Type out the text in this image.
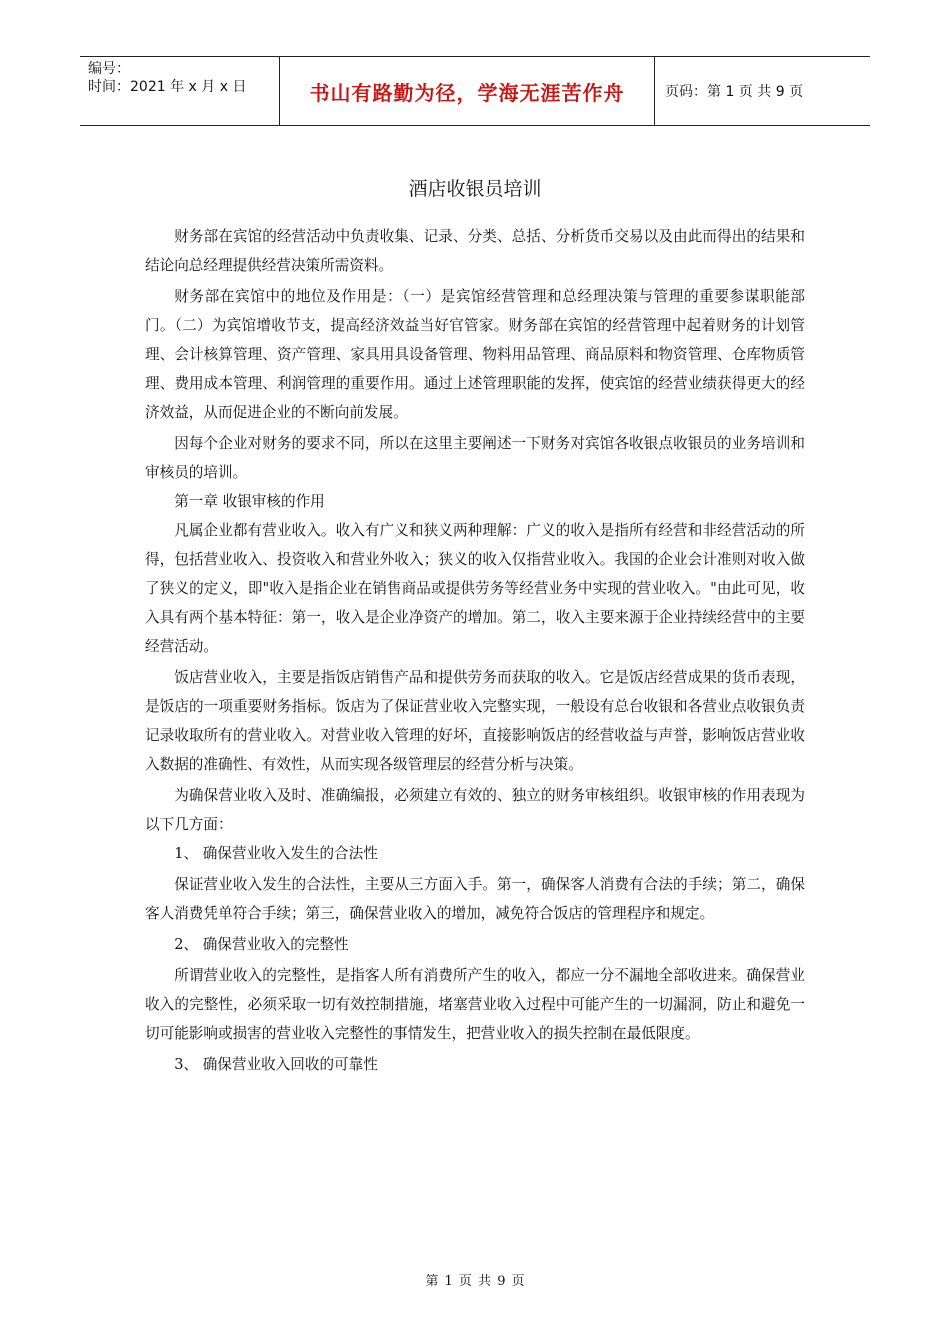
编号：
时间：2021 年 x 月 x 日	书山有路勤为径，学海无涯苦作舟	页码：第 1 页 共 9 页
酒店收银员培训

财务部在宾馆的经营活动中负责收集、记录、分类、总括、分析货币交易以及由此而得出的结果和结论向总经理提供经营决策所需资料。

财务部在宾馆中的地位及作用是：（一）是宾馆经营管理和总经理决策与管理的重要参谋职能部门。（二）为宾馆增收节支，提高经济效益当好官管家。财务部在宾馆的经营管理中起着财务的计划管理、会计核算管理、资产管理、家具用具设备管理、物料用品管理、商品原料和物资管理、仓库物质管理、费用成本管理、利润管理的重要作用。通过上述管理职能的发挥，使宾馆的经营业绩获得更大的经济效益，从而促进企业的不断向前发展。

因每个企业对财务的要求不同，所以在这里主要阐述一下财务对宾馆各收银点收银员的业务培训和审核员的培训。

第一章 收银审核的作用

凡属企业都有营业收入。收入有广义和狭义两种理解：广义的收入是指所有经营和非经营活动的所得，包括营业收入、投资收入和营业外收入；狭义的收入仅指营业收入。我国的企业会计准则对收入做了狭义的定义，即"收入是指企业在销售商品或提供劳务等经营业务中实现的营业收入。"由此可见，收入具有两个基本特征：第一，收入是企业净资产的增加。第二，收入主要来源于企业持续经营中的主要经营活动。

饭店营业收入，主要是指饭店销售产品和提供劳务而获取的收入。它是饭店经营成果的货币表现，是饭店的一项重要财务指标。饭店为了保证营业收入完整实现，一般设有总台收银和各营业点收银负责记录收取所有的营业收入。对营业收入管理的好坏，直接影响饭店的经营收益与声誉，影响饭店营业收入数据的准确性、有效性，从而实现各级管理层的经营分析与决策。

为确保营业收入及时、准确编报，必须建立有效的、独立的财务审核组织。收银审核的作用表现为以下几方面：

1、 确保营业收入发生的合法性

保证营业收入发生的合法性，主要从三方面入手。第一，确保客人消费有合法的手续；第二，确保客人消费凭单符合手续；第三，确保营业收入的增加，减免符合饭店的管理程序和规定。

2、 确保营业收入的完整性

所谓营业收入的完整性，是指客人所有消费所产生的收入，都应一分不漏地全部收进来。确保营业收入的完整性，必须采取一切有效控制措施，堵塞营业收入过程中可能产生的一切漏洞，防止和避免一切可能影响或损害的营业收入完整性的事情发生，把营业收入的损失控制在最低限度。

3、 确保营业收入回收的可靠性

第 1 页 共 9 页
